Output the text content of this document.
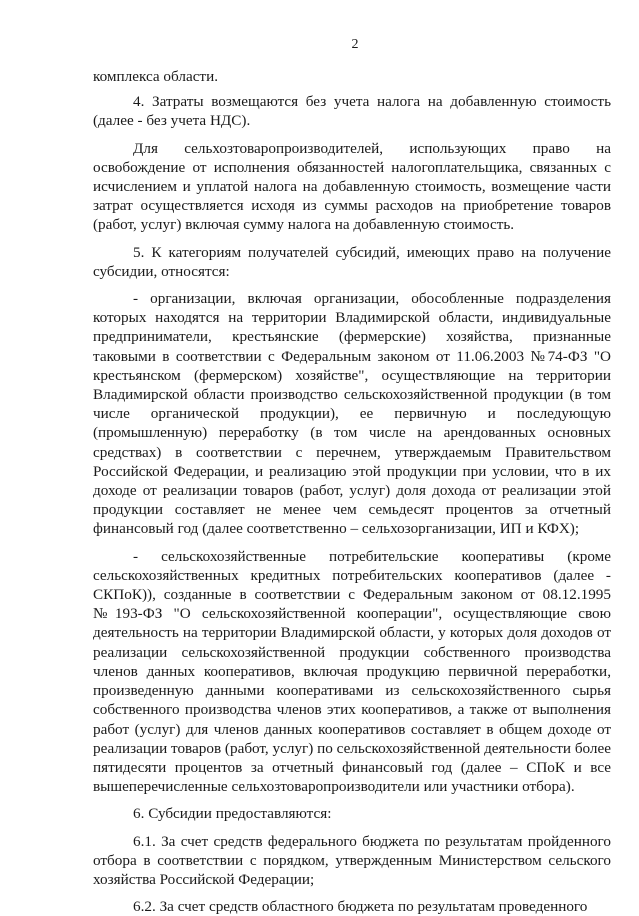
2

комплекса области.

4. Затраты возмещаются без учета налога на добавленную стоимость (далее - без учета НДС).

Для сельхозтоваропроизводителей, использующих право на освобождение от исполнения обязанностей налогоплательщика, связанных с исчислением и уплатой налога на добавленную стоимость, возмещение части затрат осуществляется исходя из суммы расходов на приобретение товаров (работ, услуг) включая сумму налога на добавленную стоимость.

5. К категориям получателей субсидий, имеющих право на получение субсидии, относятся:

- организации, включая организации, обособленные подразделения которых находятся на территории Владимирской области, индивидуальные предприниматели, крестьянские (фермерские) хозяйства, признанные таковыми в соответствии с Федеральным законом от 11.06.2003 №74-ФЗ "О крестьянском (фермерском) хозяйстве", осуществляющие на территории Владимирской области производство сельскохозяйственной продукции (в том числе органической продукции), ее первичную и последующую (промышленную) переработку (в том числе на арендованных основных средствах) в соответствии с перечнем, утверждаемым Правительством Российской Федерации, и реализацию этой продукции при условии, что в их доходе от реализации товаров (работ, услуг) доля дохода от реализации этой продукции составляет не менее чем семьдесят процентов за отчетный финансовый год (далее соответственно – сельхозорганизации, ИП и КФХ);

- сельскохозяйственные потребительские кооперативы (кроме сельскохозяйственных кредитных потребительских кооперативов (далее - СКПоК)), созданные в соответствии с Федеральным законом от 08.12.1995 №193-ФЗ "О сельскохозяйственной кооперации", осуществляющие свою деятельность на территории Владимирской области, у которых доля доходов от реализации сельскохозяйственной продукции собственного производства членов данных кооперативов, включая продукцию первичной переработки, произведенную данными кооперативами из сельскохозяйственного сырья собственного производства членов этих кооперативов, а также от выполнения работ (услуг) для членов данных кооперативов составляет в общем доходе от реализации товаров (работ, услуг) по сельскохозяйственной деятельности более пятидесяти процентов за отчетный финансовый год (далее – СПоК и все вышеперечисленные сельхозтоваропроизводители или участники отбора).

6. Субсидии предоставляются:

6.1. За счет средств федерального бюджета по результатам пройденного отбора в соответствии с порядком, утвержденным Министерством сельского хозяйства Российской Федерации;

6.2. За счет средств областного бюджета по результатам проведенного
